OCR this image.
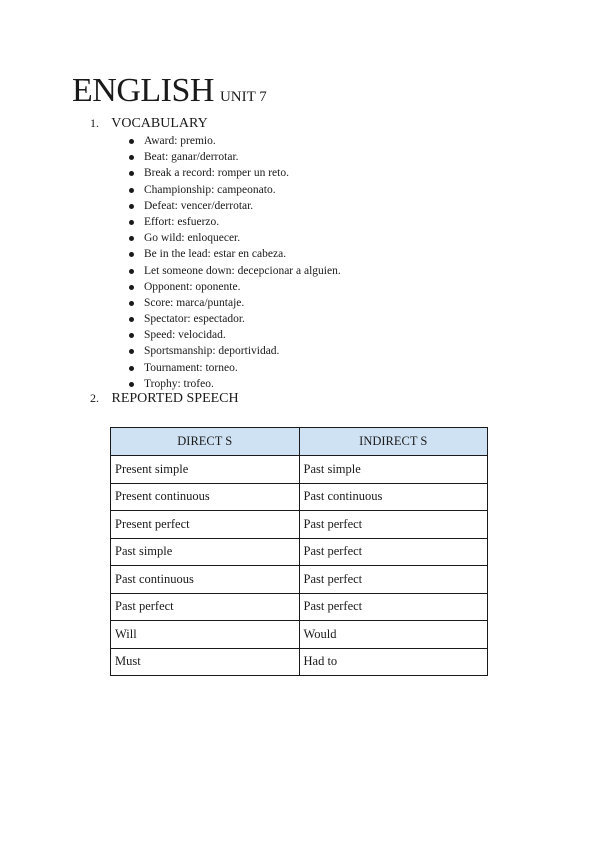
ENGLISH UNIT 7
1. VOCABULARY
Award: premio.
Beat: ganar/derrotar.
Break a record: romper un reto.
Championship: campeonato.
Defeat: vencer/derrotar.
Effort: esfuerzo.
Go wild: enloquecer.
Be in the lead: estar en cabeza.
Let someone down: decepcionar a alguien.
Opponent: oponente.
Score: marca/puntaje.
Spectator: espectador.
Speed: velocidad.
Sportsmanship: deportividad.
Tournament: torneo.
Trophy: trofeo.
2. REPORTED SPEECH
DIRECT S	INDIRECT S
Present simple	Past simple
Present continuous	Past continuous
Present perfect	Past perfect
Past simple	Past perfect
Past continuous	Past perfect
Past perfect	Past perfect
Will	Would
Must	Had to
